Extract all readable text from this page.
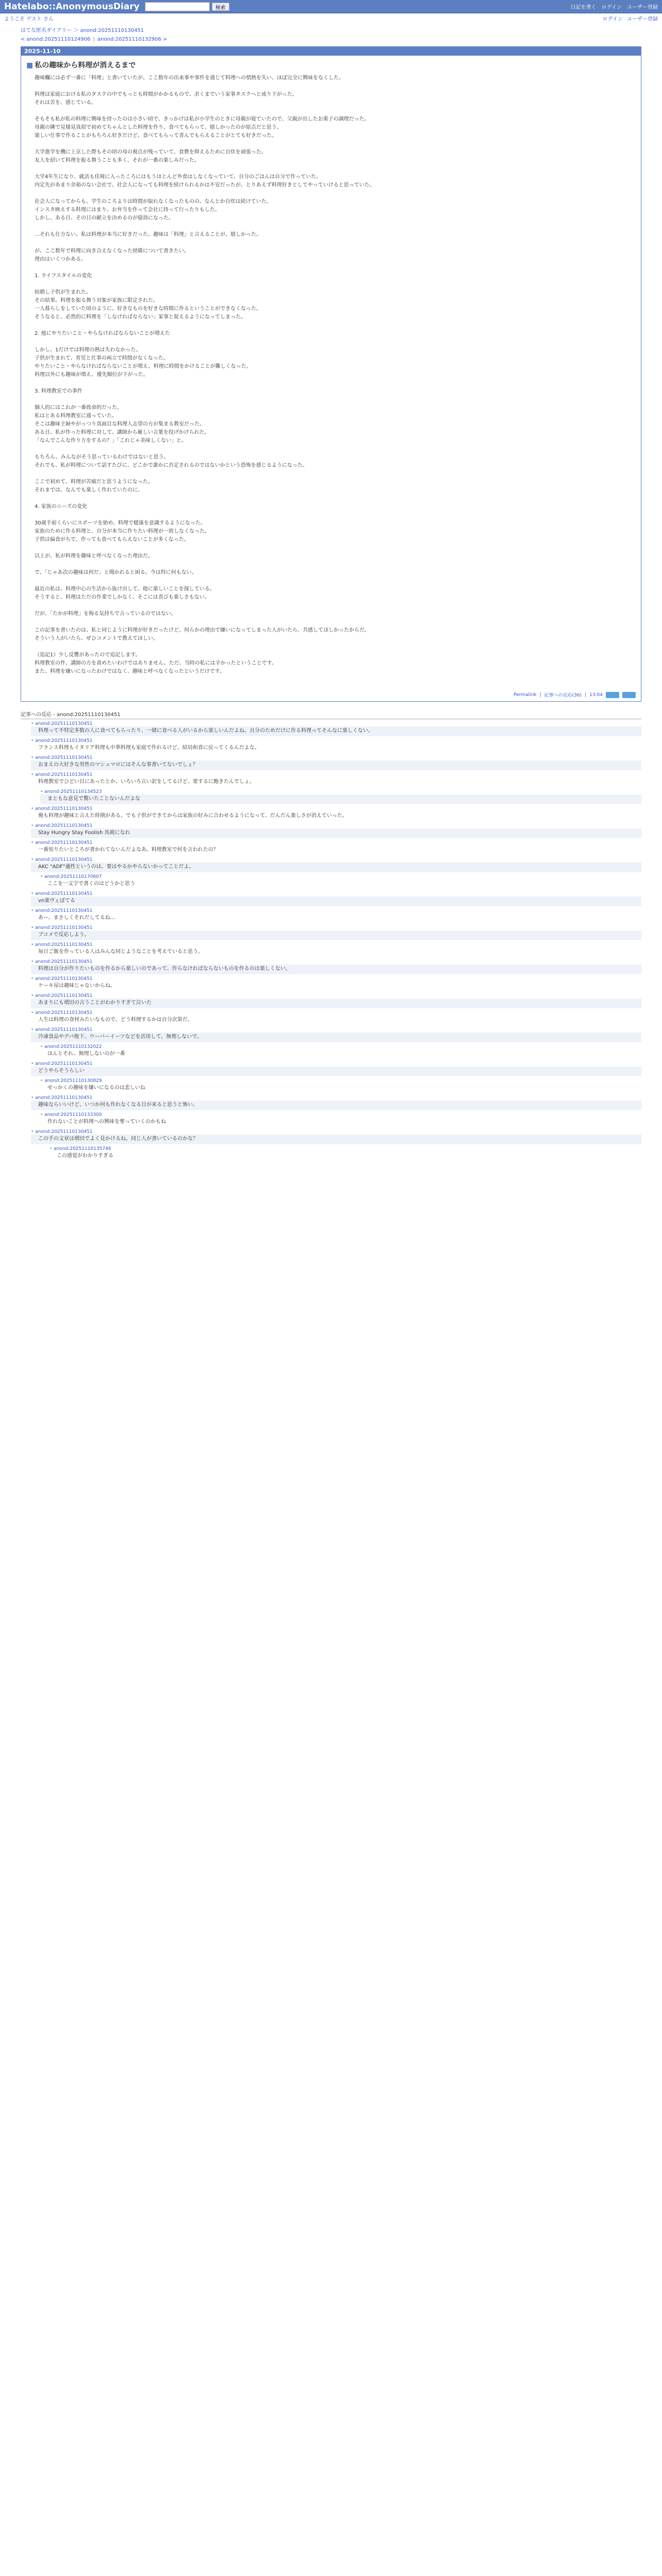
Hatelabo::AnonymousDiary	検索	日記を書く ログイン ユーザー登録
ようこそ ゲスト さん	ログイン ユーザー登録
はてな匿名ダイアリー ＞ anond:20251110130451
< anond:20251110124906 | anond:20251110132906 >
2025-11-10
■ 私の趣味から料理が消えるまで

趣味欄には必ず一番に「料理」と書いていたが、ここ数年の出来事や事件を通じて料理への情熱を失い、ほぼ完全に興味をなくした。

料理は家庭における私のタスクの中でもっとも時間がかかるもので、余くまでいう家事タスクへと成り下がった。
それは苦を、感じている。

そもそも私が私の料理に興味を持ったのは小さい頃で、きっかけは私が小学生のときに母親が寝ていたので、父親が出したお菓子の調理だった。
母親の隣で見様見真似で初めてちゃんとした料理を作り、食べてもらって、嬉しかったのが原点だと思う。
楽しい仕事で作ることがもちろん好きだけど、食べてもらって喜んでもらえることがとても好きだった。

大学進学を機に上京した際もその頃の母の視点が残っていて、食費を抑えるために自炊を頑張った。
友人を招いて料理を振る舞うことも多く、それが一番の楽しみだった。

大学4年生になり、就活も佳境に入ったころにはもうほとんど外食はしなくなっていて、自分のごはんは自分で作っていた。
内定先があまり余裕のない会社で、社会人になっても料理を続けられるかは不安だったが、とりあえず料理好きとしてやっていけると思っていた。

社会人になってからも、学生のころよりは時間が取れなくなったものの、なんとか自炊は続けていた。
インスタ映えする料理にはまり、お弁当を作って会社に持って行ったりもした。
しかし、ある日、その日の献立を決めるのが億劫になった。

…それも仕方ない。私は料理が本当に好きだった。趣味は「料理」と言えることが、嬉しかった。

が、ここ数年で料理に向き合えなくなった経緯について書きたい。
理由はいくつかある。

1. ライフスタイルの変化

結婚し子供が生まれた。
その結果、料理を振る舞う対象が家族に限定された。
一人暮らしをしていた頃のように、好きなものを好きな時間に作るということができなくなった。
そうなると、必然的に料理を「しなければならない」家事と捉えるようになってしまった。

2. 他にやりたいこと・やらなければならないことが増えた

しかし、1だけでは料理の熱は失わなかった。
子供が生まれて、育児と仕事の両立で時間がなくなった。
やりたいこと・やらなければならないことが増え、料理に時間をかけることが難しくなった。
料理以外にも趣味が増え、優先順位が下がった。

3. 料理教室での事件

個人的にはこれが一番致命的だった。
私はとある料理教室に通っていた。
そこは趣味主婦やがっつり真面目な料理人志望の方が集まる教室だった。
ある日、私が作った料理に対して、講師から厳しい言葉を投げかけられた。
「なんでこんな作り方をするの？」「これじゃ美味しくない」と。

もちろん、みんながそう思っているわけではないと思う。
それでも、私が料理について話すたびに、どこかで誰かに否定されるのではないかという恐怖を感じるようになった。

ここで初めて、料理が苦痛だと思うようになった。
それまでは、なんでも楽しく作れていたのに。

4. 家族のニーズの変化

30歳手前くらいにスポーツを始め、料理で健康を意識するようになった。
家族のために作る料理と、自分が本当に作りたい料理が一致しなくなった。
子供は偏食がちで、作っても食べてもらえないことが多くなった。

以上が、私が料理を趣味と呼べなくなった理由だ。

で、「じゃあ次の趣味は何だ」と聞かれると困る。今は特に何もない。

最近の私は、料理中心の生活から抜け出して、他に楽しいことを探している。
そうすると、料理はただの作業でしかなく、そこには喜びも楽しさもない。

だが、「たかが料理」を侮る気持ちで言っているのではない。

この記事を書いたのは、私と同じように料理が好きだったけど、何らかの理由で嫌いになってしまった人がいたら、共感してほしかったからだ。
そういう人がいたら、ぜひコメントで教えてほしい。

（追記1）少し反響があったので追記します。
料理教室の件、講師の方を責めたいわけではありません。ただ、当時の私には辛かったということです。
また、料理を嫌いになったわけではなく、趣味と呼べなくなったというだけです。

Permalink | 記事への反応(36) | 13:04
記事への反応 - anond:20251110130451
• anond:20251110130451
料理って不特定多数の人に食べてもらったり、一緒に食べる人がいるから楽しいんだよね。自分のためだけに作る料理ってそんなに楽しくない。
• anond:20251110130451
フランス料理もイタリア料理も中華料理も家庭で作れるけど、結局和食に戻ってくるんだよな。
• anond:20251110130451
おまえの大好きな男性のマシュマロにはそんな事書いてないでしょ？
• anond:20251110130451
料理教室でひどい目にあったとか、いろいろ言い訳をしてるけど、要するに飽きたんでしょ。
• anond:20251110134523
まともな意見で驚いたことないんだよな
• anond:20251110130451
俺も料理が趣味と言えた時期がある。でも子供ができてからは家族の好みに合わせるようになって、だんだん楽しさが消えていった。
• anond:20251110130451
Stay Hungry Stay Foolish 馬鹿になれ
• anond:20251110130451
一番知りたいところが書かれてないんだよなあ。料理教室で何を言われたの？
• anond:20251110130451
AKC "ADF"適性というのは、要はやるかやらないかってことだよ。
• anond:20251110170607
ここを一文字で書くのはどうかと思う
• anond:20251110130451
vn楽ヴぇぽてる
• anond:20251110130451
あー、まさしくそれだしてるね…
• anond:20251110130451
ブコメで反応しよう。
• anond:20251110130451
毎日ご飯を作っている人はみんな同じようなことを考えていると思う。
• anond:20251110130451
料理は自分が作りたいものを作るから楽しいのであって、作らなければならないものを作るのは楽しくない。
• anond:20251110130451
ケーキ屋は趣味じゃないからね。
• anond:20251110130451
あまりにも増田の言うことがわかりすぎて泣いた
• anond:20251110130451
人生は料理の食材みたいなもので、どう料理するかは自分次第だ。
• anond:20251110130451
冷凍食品やデパ地下、ウーバーイーツなどを活用して、無理しないで。
• anond:20251110132022
ほんとそれ、無理しないのが一番
• anond:20251110130451
どうやらそうらしい
• anond:20251110130829
せっかくの趣味を嫌いになるのは悲しいね
• anond:20251110130451
趣味ならいいけど、いつか何も作れなくなる日が来ると思うと怖い。
• anond:20251110133300
作れないことが料理への興味を奪っていくのかもね
• anond:20251110130451
この手の文章は増田でよく見かけるね。同じ人が書いているのかな？
• anond:20251110135746
この感覚がわかりすぎる
